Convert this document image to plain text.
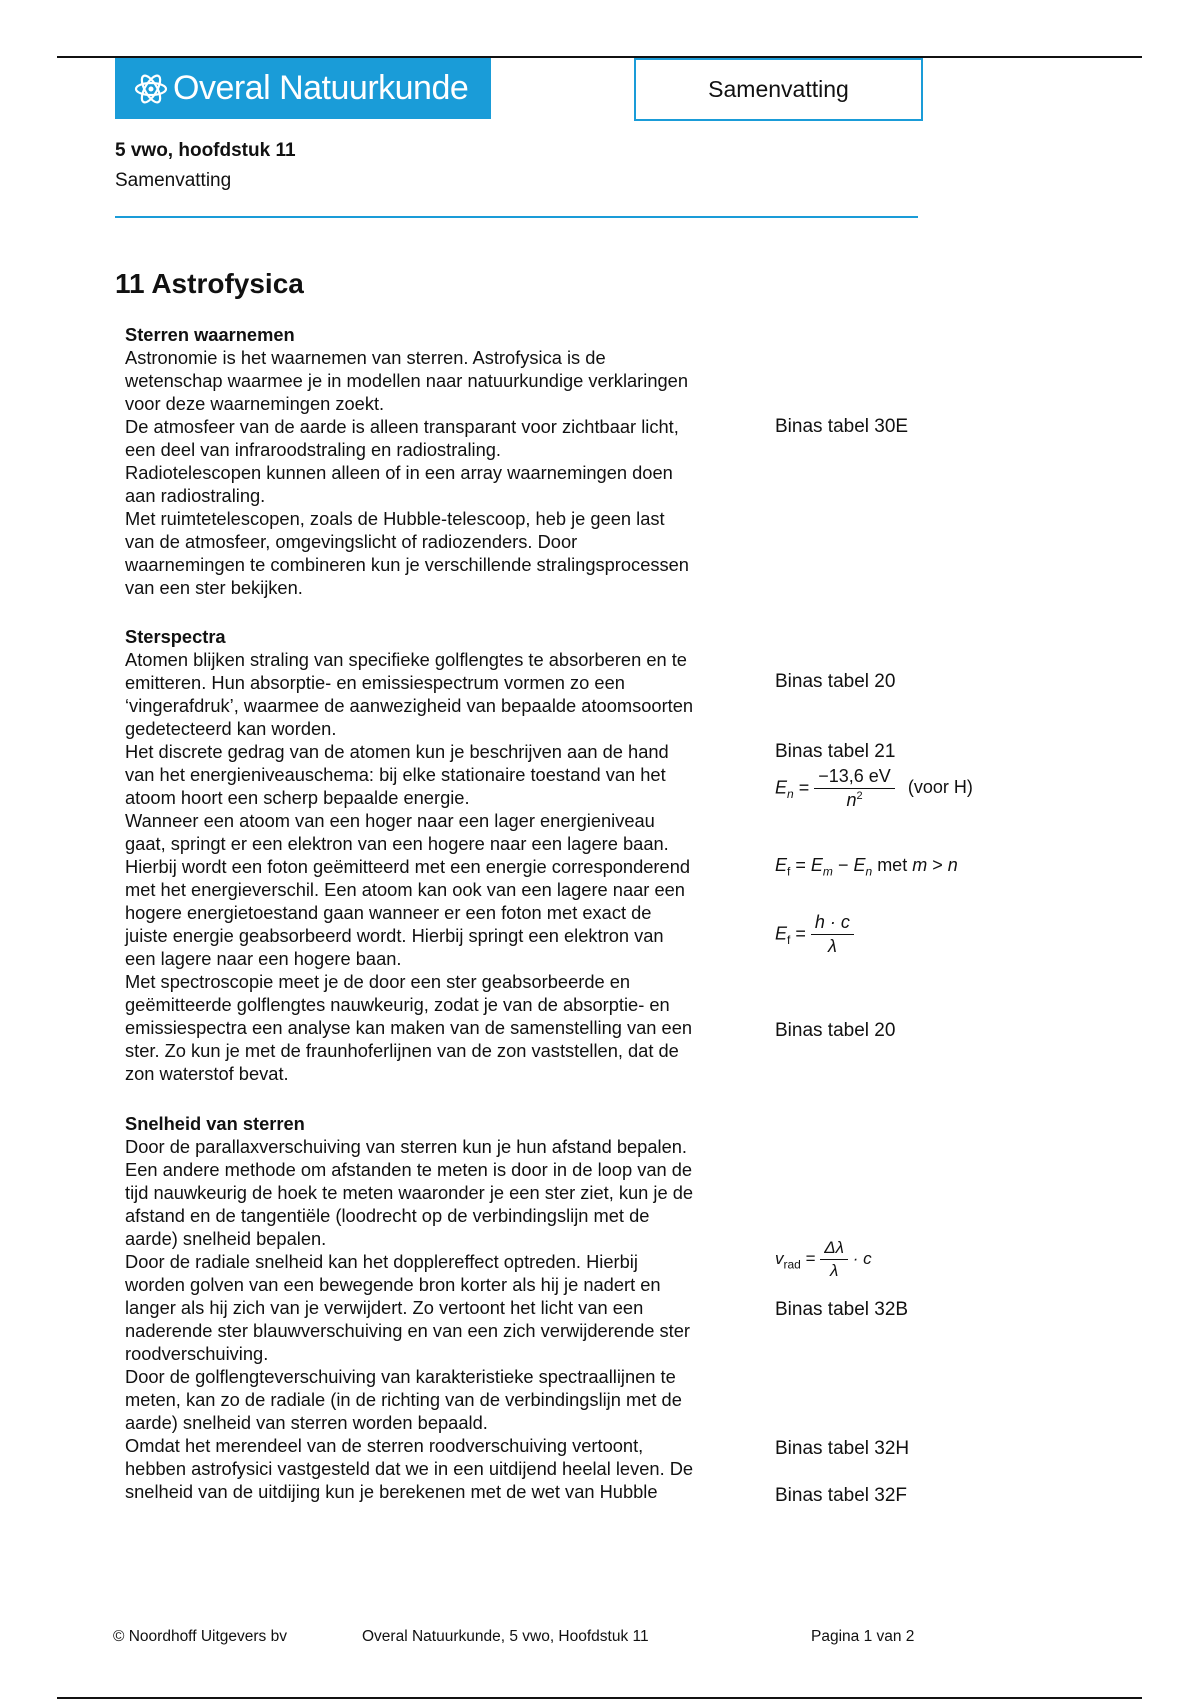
Overal Natuurkunde	Samenvatting
5 vwo, hoofdstuk 11
Samenvatting
11 Astrofysica
Sterren waarnemen
Astronomie is het waarnemen van sterren. Astrofysica is de
wetenschap waarmee je in modellen naar natuurkundige verklaringen
voor deze waarnemingen zoekt.
De atmosfeer van de aarde is alleen transparant voor zichtbaar licht,
een deel van infraroodstraling en radiostraling.
Radiotelescopen kunnen alleen of in een array waarnemingen doen
aan radiostraling.
Met ruimtetelescopen, zoals de Hubble-telescoop, heb je geen last
van de atmosfeer, omgevingslicht of radiozenders. Door
waarnemingen te combineren kun je verschillende stralingsprocessen
van een ster bekijken.
Binas tabel 30E
Sterspectra
Atomen blijken straling van specifieke golflengtes te absorberen en te
emitteren. Hun absorptie- en emissiespectrum vormen zo een
‘vingerafdruk’, waarmee de aanwezigheid van bepaalde atoomsoorten
gedetecteerd kan worden.
Het discrete gedrag van de atomen kun je beschrijven aan de hand
van het energieniveauschema: bij elke stationaire toestand van het
atoom hoort een scherp bepaalde energie.
Wanneer een atoom van een hoger naar een lager energieniveau
gaat, springt er een elektron van een hogere naar een lagere baan.
Hierbij wordt een foton geëmitteerd met een energie corresponderend
met het energieverschil. Een atoom kan ook van een lagere naar een
hogere energietoestand gaan wanneer er een foton met exact de
juiste energie geabsorbeerd wordt. Hierbij springt een elektron van
een lagere naar een hogere baan.
Met spectroscopie meet je de door een ster geabsorbeerde en
geëmitteerde golflengtes nauwkeurig, zodat je van de absorptie- en
emissiespectra een analyse kan maken van de samenstelling van een
ster. Zo kun je met de fraunhoferlijnen van de zon vaststellen, dat de
zon waterstof bevat.
Binas tabel 20
Binas tabel 21
$E_n = \frac{-13,6 eV}{n^2}$ (voor H)
$E_f = E_m - E_n$ met m > n
$E_f = \frac{h \cdot c}{\lambda}$
Binas tabel 20
Snelheid van sterren
Door de parallaxverschuiving van sterren kun je hun afstand bepalen.
Een andere methode om afstanden te meten is door in de loop van de
tijd nauwkeurig de hoek te meten waaronder je een ster ziet, kun je de
afstand en de tangentiële (loodrecht op de verbindingslijn met de
aarde) snelheid bepalen.
Door de radiale snelheid kan het dopplereffect optreden. Hierbij
worden golven van een bewegende bron korter als hij je nadert en
langer als hij zich van je verwijdert. Zo vertoont het licht van een
naderende ster blauwverschuiving en van een zich verwijderende ster
roodverschuiving.
Door de golflengteverschuiving van karakteristieke spectraallijnen te
meten, kan zo de radiale (in de richting van de verbindingslijn met de
aarde) snelheid van sterren worden bepaald.
Omdat het merendeel van de sterren roodverschuiving vertoont,
hebben astrofysici vastgesteld dat we in een uitdijend heelal leven. De
snelheid van de uitdijing kun je berekenen met de wet van Hubble
$v_{rad} = \frac{\Delta\lambda}{\lambda} \cdot c$
Binas tabel 32B
Binas tabel 32H
Binas tabel 32F
© Noordhoff Uitgevers bv	Overal Natuurkunde, 5 vwo, Hoofdstuk 11	Pagina 1 van 2
